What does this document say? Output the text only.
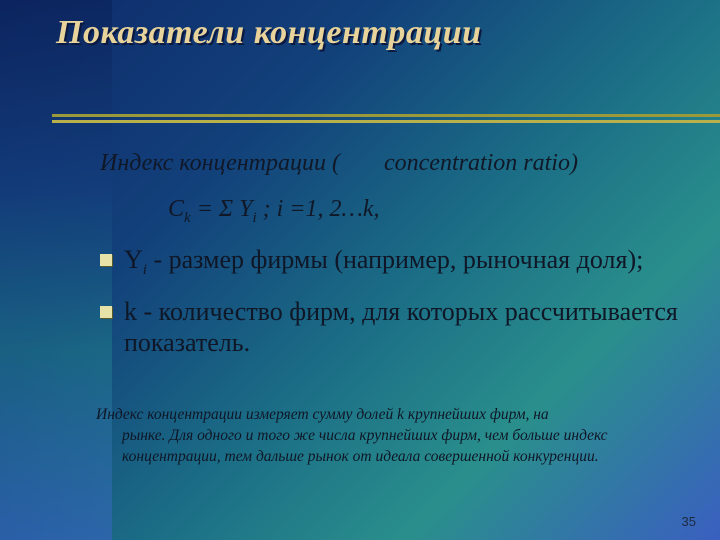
Показатели концентрации
Индекс концентрации ( concentration ratio)
$C_k = \Sigma$ $Y_i$ ; i =1, 2…k,
$Y_i$ - размер фирмы (например, рыночная доля);
k - количество фирм, для которых рассчитывается показатель.
Индекс концентрации измеряет сумму долей k крупнейших фирм, на
рынке. Для одного и того же числа крупнейших фирм, чем больше индекс концентрации, тем дальше рынок от идеала совершенной конкуренции.
35
